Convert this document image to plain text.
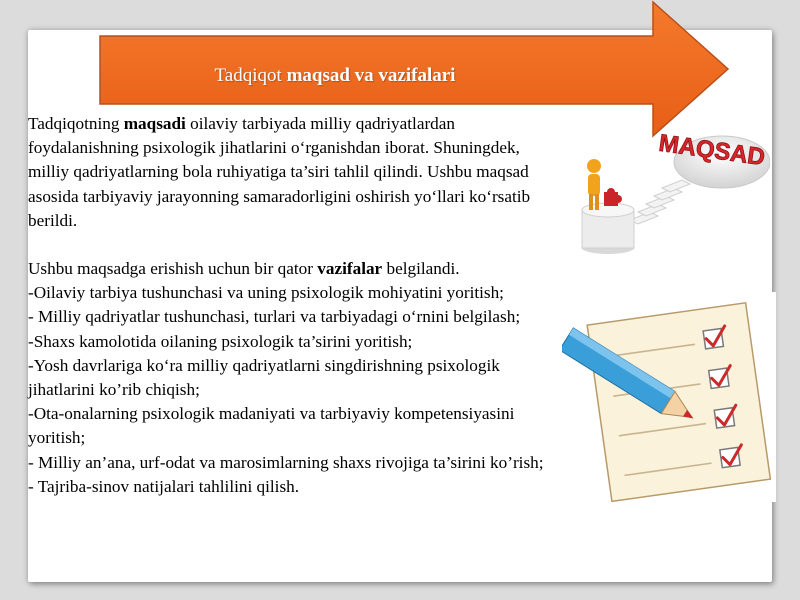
Tadqiqot maqsad va vazifalari

Tadqiqotning maqsadi oilaviy tarbiyada milliy qadriyatlardan foydalanishning psixologik jihatlarini o‘rganishdan iborat. Shuningdek, milliy qadriyatlarning bola ruhiyatiga ta’siri tahlil qilindi. Ushbu maqsad asosida tarbiyaviy jarayonning samaradorligini oshirish yo‘llari ko‘rsatib berildi.

Ushbu maqsadga erishish uchun bir qator vazifalar belgilandi.

-Oilaviy tarbiya tushunchasi va uning psixologik mohiyatini yoritish;

- Milliy qadriyatlar tushunchasi, turlari va tarbiyadagi o‘rnini belgilash;

-Shaxs kamolotida oilaning psixologik ta’sirini yoritish;

-Yosh davrlariga ko‘ra milliy qadriyatlarni singdirishning psixologik jihatlarini ko’rib chiqish;

-Ota-onalarning psixologik madaniyati va tarbiyaviy kompetensiyasini yoritish;

- Milliy an’ana, urf-odat va marosimlarning shaxs rivojiga ta’sirini ko’rish;

- Tajriba-sinov natijalari tahlilini qilish.

MAQSAD
